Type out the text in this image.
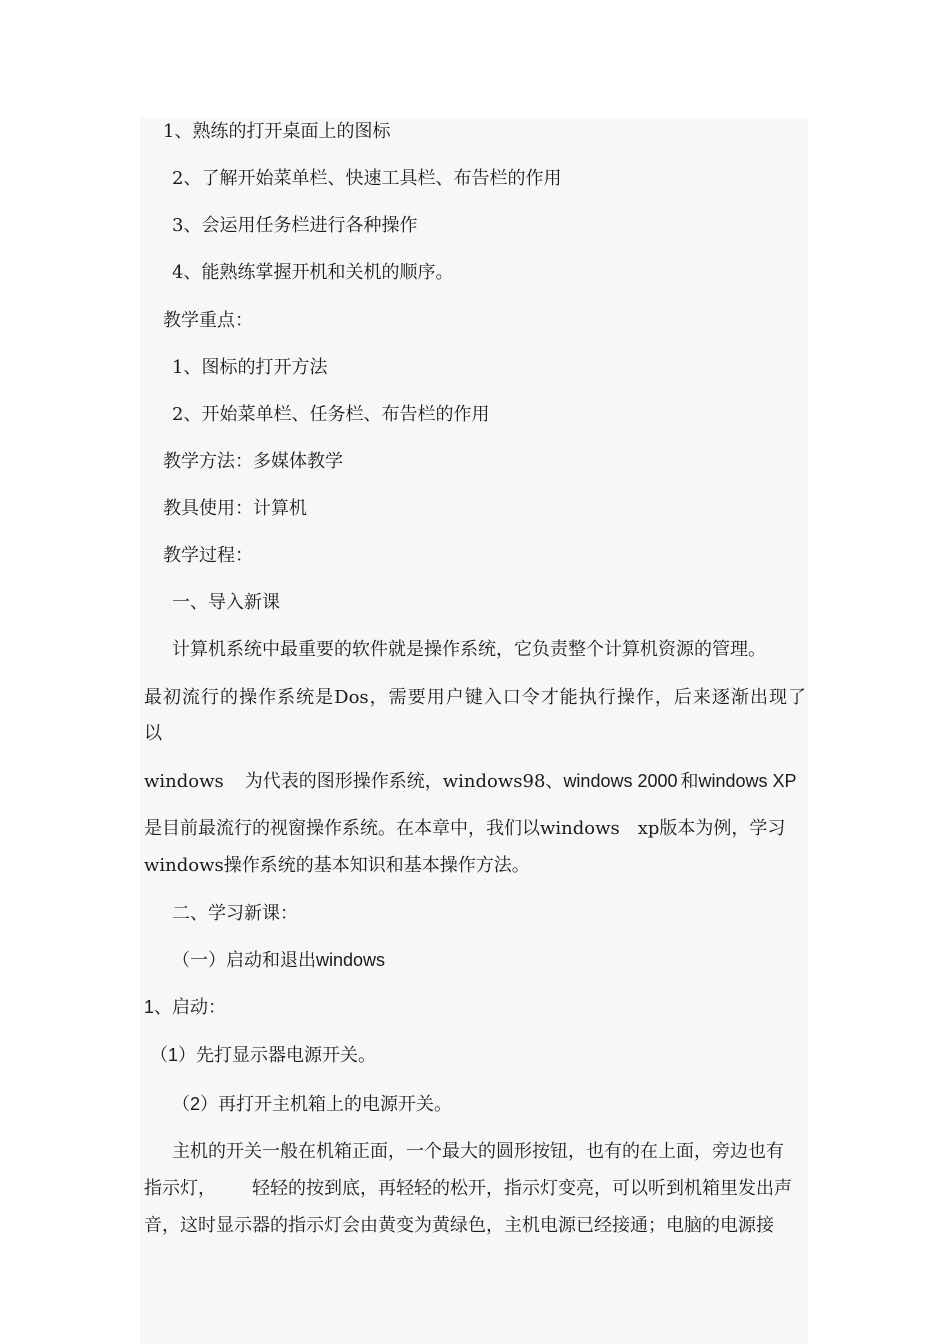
1、熟练的打开桌面上的图标
2、了解开始菜单栏、快速工具栏、布告栏的作用
3、会运用任务栏进行各种操作
4、能熟练掌握开机和关机的顺序。
教学重点：
1、图标的打开方法
2、开始菜单栏、任务栏、布告栏的作用
教学方法：多媒体教学
教具使用：计算机
教学过程：
一、导入新课
计算机系统中最重要的软件就是操作系统，它负责整个计算机资源的管理。
最初流行的操作系统是Dos，需要用户键入口令才能执行操作，后来逐渐出现了
以
windows 为代表的图形操作系统，windows98、windows 2000 和windows XP
是目前最流行的视窗操作系统。在本章中，我们以windows　xp版本为例，学习
windows操作系统的基本知识和基本操作方法。
二、学习新课：
（一）启动和退出windows
1、启动：
（1）先打显示器电源开关。
（2）再打开主机箱上的电源开关。
主机的开关一般在机箱正面，一个最大的圆形按钮，也有的在上面，旁边也有
指示灯， 轻轻的按到底，再轻轻的松开，指示灯变亮，可以听到机箱里发出声
音，这时显示器的指示灯会由黄变为黄绿色，主机电源已经接通；电脑的电源接
